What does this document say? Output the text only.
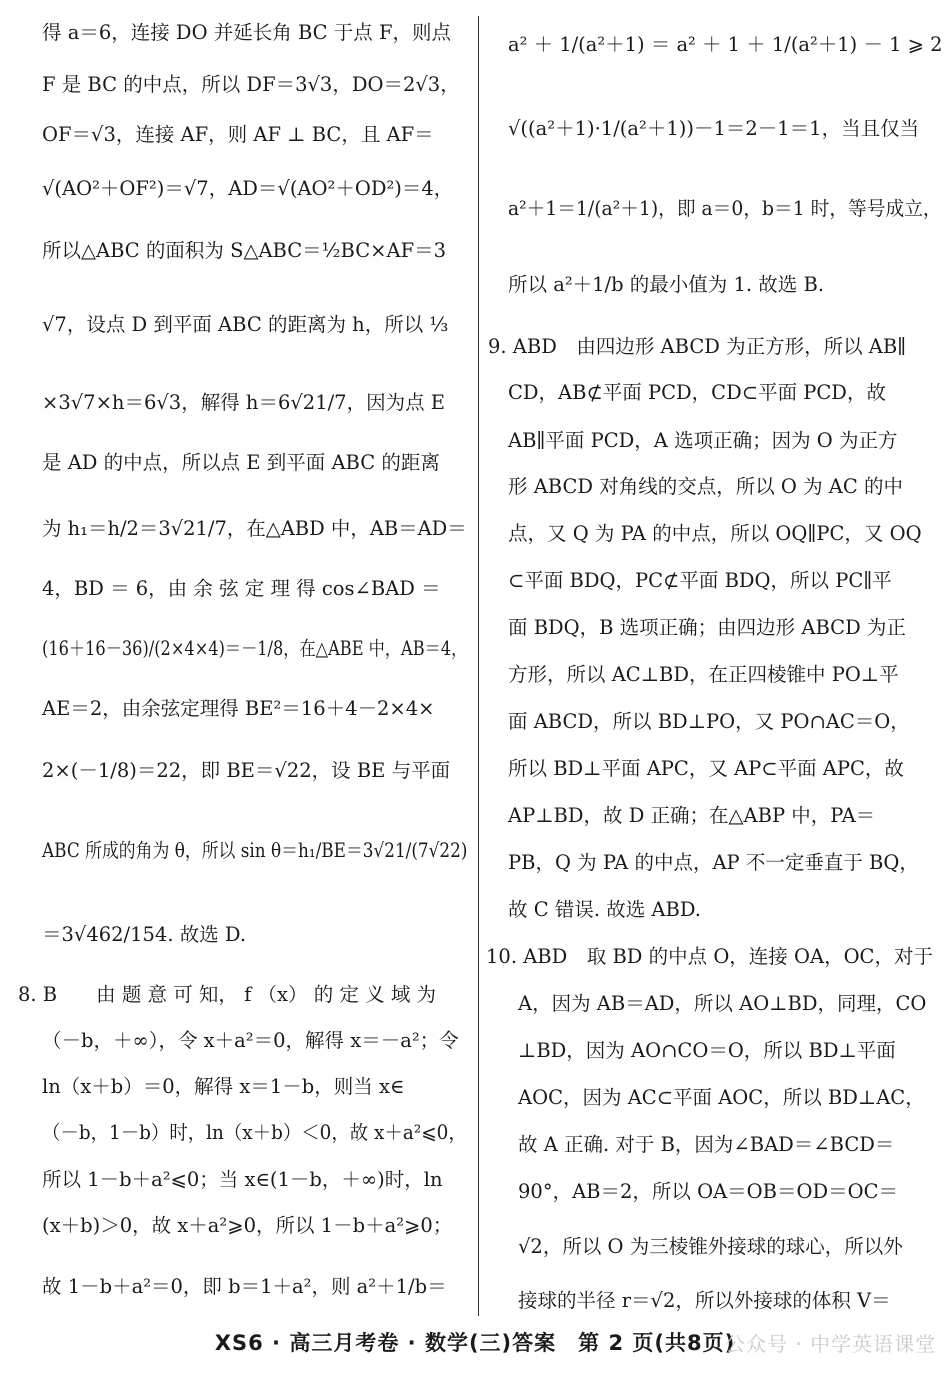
得 a＝6，连接 DO 并延长角 BC 于点 F，则点
F 是 BC 的中点，所以 DF＝3√3，DO＝2√3，
OF＝√3，连接 AF，则 AF ⊥ BC，且 AF＝
√(AO²＋OF²)＝√7，AD＝√(AO²＋OD²)＝4，
所以△ABC 的面积为 S△ABC＝½BC×AF＝3
√7，设点 D 到平面 ABC 的距离为 h，所以 ⅓
×3√7×h＝6√3，解得 h＝6√21/7，因为点 E
是 AD 的中点，所以点 E 到平面 ABC 的距离
为 h₁＝h/2＝3√21/7，在△ABD 中，AB＝AD＝
4，BD ＝ 6，由 余 弦 定 理 得 cos∠BAD ＝
(16＋16－36)/(2×4×4)＝－1/8，在△ABE 中，AB＝4，
AE＝2，由余弦定理得 BE²＝16＋4－2×4×
2×(－1/8)＝22，即 BE＝√22，设 BE 与平面
ABC 所成的角为 θ，所以 sin θ＝h₁/BE＝3√21/(7√22)
＝3√462/154. 故选 D.
8. B　　由 题 意 可 知， f （x） 的 定 义 域 为
（－b，＋∞），令 x＋a²＝0，解得 x＝－a²；令
ln（x＋b）＝0，解得 x＝1－b，则当 x∈
（－b，1－b）时，ln（x＋b）＜0，故 x＋a²⩽0，
所以 1－b＋a²⩽0；当 x∈(1－b，＋∞)时，ln
(x＋b)＞0，故 x＋a²⩾0，所以 1－b＋a²⩾0；
故 1－b＋a²＝0，即 b＝1＋a²，则 a²＋1/b＝
a² ＋ 1/(a²＋1) ＝ a² ＋ 1 ＋ 1/(a²＋1) － 1 ⩾ 2
√((a²＋1)·1/(a²＋1))－1＝2－1＝1，当且仅当
a²＋1＝1/(a²＋1)，即 a＝0，b＝1 时，等号成立，
所以 a²＋1/b 的最小值为 1. 故选 B.
9. ABD　由四边形 ABCD 为正方形，所以 AB∥
CD，AB⊄平面 PCD，CD⊂平面 PCD，故
AB∥平面 PCD，A 选项正确；因为 O 为正方
形 ABCD 对角线的交点，所以 O 为 AC 的中
点，又 Q 为 PA 的中点，所以 OQ∥PC，又 OQ
⊂平面 BDQ，PC⊄平面 BDQ，所以 PC∥平
面 BDQ，B 选项正确；由四边形 ABCD 为正
方形，所以 AC⊥BD，在正四棱锥中 PO⊥平
面 ABCD，所以 BD⊥PO，又 PO∩AC＝O，
所以 BD⊥平面 APC，又 AP⊂平面 APC，故
AP⊥BD，故 D 正确；在△ABP 中，PA＝
PB，Q 为 PA 的中点，AP 不一定垂直于 BQ，
故 C 错误. 故选 ABD.
10. ABD　取 BD 的中点 O，连接 OA，OC，对于
A，因为 AB＝AD，所以 AO⊥BD，同理，CO
⊥BD，因为 AO∩CO＝O，所以 BD⊥平面
AOC，因为 AC⊂平面 AOC，所以 BD⊥AC，
故 A 正确. 对于 B，因为∠BAD＝∠BCD＝
90°，AB＝2，所以 OA＝OB＝OD＝OC＝
√2，所以 O 为三棱锥外接球的球心，所以外
接球的半径 r＝√2，所以外接球的体积 V＝
XS6 · 高三月考卷 · 数学(三)答案　第 2 页(共8页)
公众号 · 中学英语课堂
